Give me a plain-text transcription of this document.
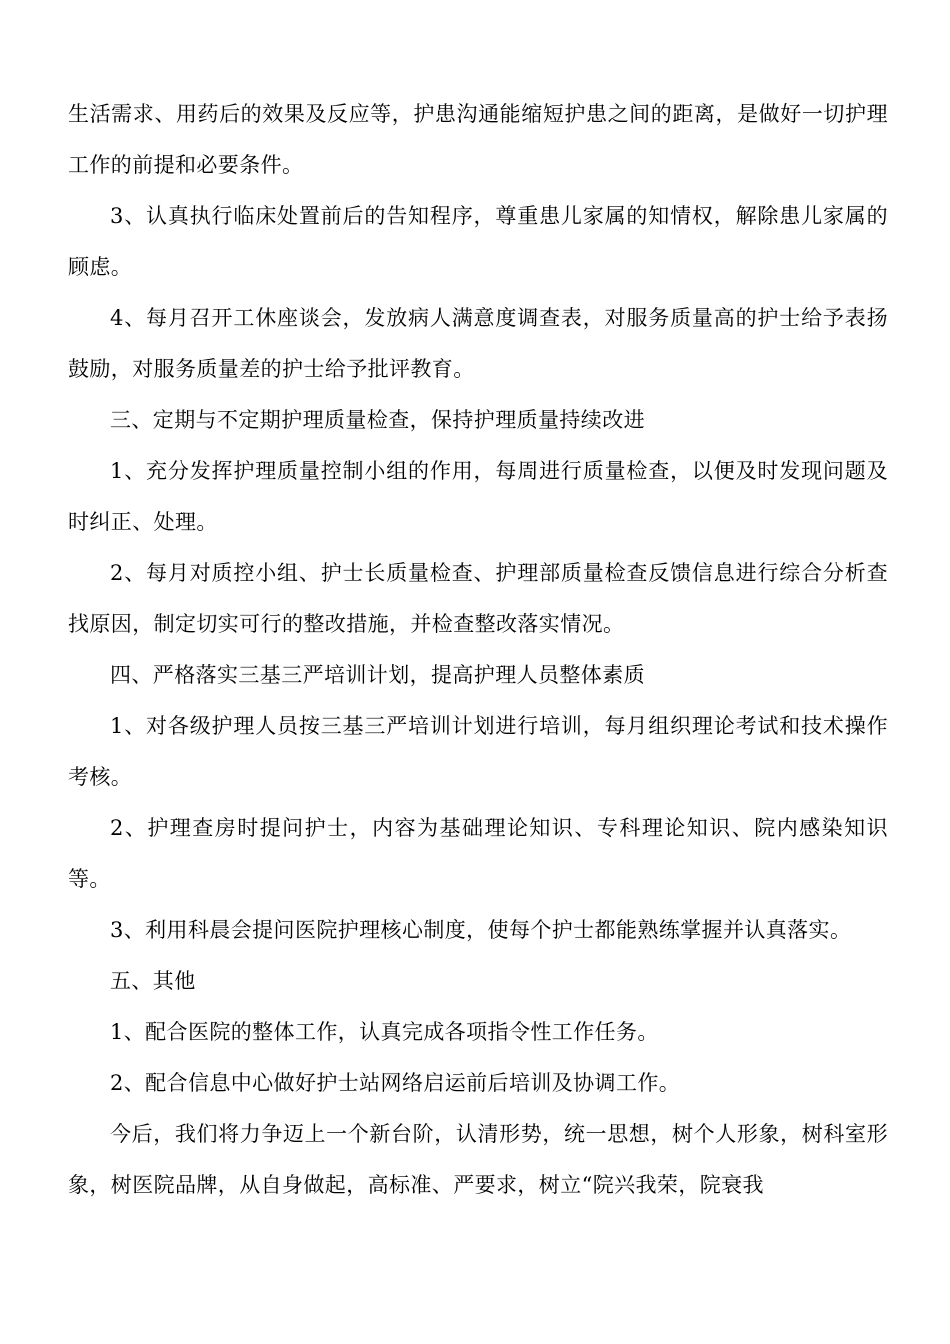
生活需求、用药后的效果及反应等，护患沟通能缩短护患之间的距离，是做好一切护理工作的前提和必要条件。

3、认真执行临床处置前后的告知程序，尊重患儿家属的知情权，解除患儿家属的顾虑。

4、每月召开工休座谈会，发放病人满意度调查表，对服务质量高的护士给予表扬鼓励，对服务质量差的护士给予批评教育。

三、定期与不定期护理质量检查，保持护理质量持续改进

1、充分发挥护理质量控制小组的作用，每周进行质量检查，以便及时发现问题及时纠正、处理。

2、每月对质控小组、护士长质量检查、护理部质量检查反馈信息进行综合分析查找原因，制定切实可行的整改措施，并检查整改落实情况。

四、严格落实三基三严培训计划，提高护理人员整体素质

1、对各级护理人员按三基三严培训计划进行培训，每月组织理论考试和技术操作考核。

2、护理查房时提问护士，内容为基础理论知识、专科理论知识、院内感染知识等。

3、利用科晨会提问医院护理核心制度，使每个护士都能熟练掌握并认真落实。

五、其他

1、配合医院的整体工作，认真完成各项指令性工作任务。

2、配合信息中心做好护士站网络启运前后培训及协调工作。

今后，我们将力争迈上一个新台阶，认清形势，统一思想，树个人形象，树科室形象，树医院品牌，从自身做起，高标准、严要求，树立“院兴我荣，院衰我
